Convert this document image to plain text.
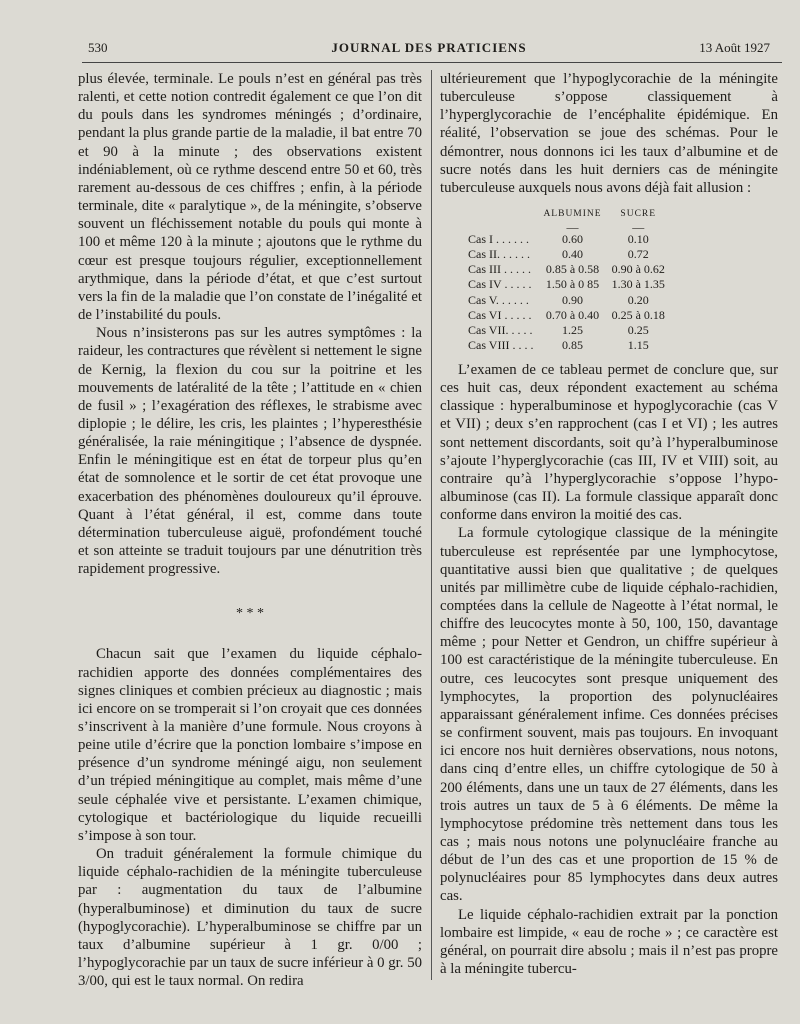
530	JOURNAL DES PRATICIENS	13 Août 1927

plus élevée, terminale. Le pouls n’est en général pas très ralenti, et cette notion contredit également ce que l’on dit du pouls dans les syndromes méningés ; d’ordinaire, pendant la plus grande partie de la maladie, il bat entre 70 et 90 à la minute ; des observations existent indéniablement, où ce rythme descend entre 50 et 60, très rarement au-dessous de ces chiffres ; enfin, à la période terminale, dite « paralytique », de la méningite, s’observe souvent un fléchissement notable du pouls qui monte à 100 et même 120 à la minute ; ajoutons que le rythme du cœur est presque toujours régulier, exceptionnellement arythmique, dans la période d’état, et que c’est surtout vers la fin de la maladie que l’on constate de l’inégalité et de l’instabilité du pouls.

Nous n’insisterons pas sur les autres symptômes : la raideur, les contractures que révèlent si nettement le signe de Kernig, la flexion du cou sur la poitrine et les mouvements de latéralité de la tête ; l’attitude en « chien de fusil » ; l’exagération des réflexes, le strabisme avec diplopie ; le délire, les cris, les plaintes ; l’hyperesthésie généralisée, la raie méningitique ; l’absence de dyspnée. Enfin le méningitique est en état de torpeur plus qu’en état de somnolence et le sortir de cet état provoque une exacerbation des phénomènes douloureux qu’il éprouve. Quant à l’état général, il est, comme dans toute détermination tuberculeuse aiguë, profondément touché et son atteinte se traduit toujours par une dénutrition très rapidement progressive.

* * *

Chacun sait que l’examen du liquide céphalo-rachidien apporte des données complémentaires des signes cliniques et combien précieux au diagnostic ; mais ici encore on se tromperait si l’on croyait que ces données s’inscrivent à la manière d’une formule. Nous croyons à peine utile d’écrire que la ponction lombaire s’impose en présence d’un syndrome méningé aigu, non seulement d’un trépied méningitique au complet, mais même d’une seule céphalée vive et persistante. L’examen chimique, cytologique et bactériologique du liquide recueilli s’impose à son tour.

On traduit généralement la formule chimique du liquide céphalo-rachidien de la méningite tuberculeuse par : augmentation du taux de l’albumine (hyperalbuminose) et diminution du taux de sucre (hypoglycorachie). L’hyperalbuminose se chiffre par un taux d’albumine supérieur à 1 gr. 0/00 ; l’hypoglycorachie par un taux de sucre inférieur à 0 gr. 50 3/00, qui est le taux normal. On redira

ultérieurement que l’hypoglycorachie de la méningite tuberculeuse s’oppose classiquement à l’hyperglycorachie de l’encéphalite épidémique. En réalité, l’observation se joue des schémas. Pour le démontrer, nous donnons ici les taux d’albumine et de sucre notés dans les huit derniers cas de méningite tuberculeuse auxquels nous avons déjà fait allusion :

	ALBUMINE	SUCRE
	—	—
Cas I . . . . . .	0.60	0.10
Cas II. . . . . .	0.40	0.72
Cas III . . . . .	0.85 à 0.58	0.90 à 0.62
Cas IV . . . . .	1.50 à 0 85	1.30 à 1.35
Cas V. . . . . .	0.90	0.20
Cas VI . . . . .	0.70 à 0.40	0.25 à 0.18
Cas VII. . . . .	1.25	0.25
Cas VIII . . . .	0.85	1.15

L’examen de ce tableau permet de conclure que, sur ces huit cas, deux répondent exactement au schéma classique : hyperalbuminose et hypoglycorachie (cas V et VII) ; deux s’en rapprochent (cas I et VI) ; les autres sont nettement discordants, soit qu’à l’hyperalbuminose s’ajoute l’hyperglycorachie (cas III, IV et VIII) soit, au contraire qu’à l’hyperglycorachie s’oppose l’hypo-albuminose (cas II). La formule classique apparaît donc conforme dans environ la moitié des cas.

La formule cytologique classique de la méningite tuberculeuse est représentée par une lymphocytose, quantitative aussi bien que qualitative ; de quelques unités par millimètre cube de liquide céphalo-rachidien, comptées dans la cellule de Nageotte à l’état normal, le chiffre des leucocytes monte à 50, 100, 150, davantage même ; pour Netter et Gendron, un chiffre supérieur à 100 est caractéristique de la méningite tuberculeuse. En outre, ces leucocytes sont presque uniquement des lymphocytes, la proportion des polynucléaires apparaissant généralement infime. Ces données précises se confirment souvent, mais pas toujours. En invoquant ici encore nos huit dernières observations, nous notons, dans cinq d’entre elles, un chiffre cytologique de 50 à 200 éléments, dans une un taux de 27 éléments, dans les trois autres un taux de 5 à 6 éléments. De même la lymphocytose prédomine très nettement dans tous les cas ; mais nous notons une polynucléaire franche au début de l’un des cas et une proportion de 15 % de polynucléaires pour 85 lymphocytes dans deux autres cas.

Le liquide céphalo-rachidien extrait par la ponction lombaire est limpide, « eau de roche » ; ce caractère est général, on pourrait dire absolu ; mais il n’est pas propre à la méningite tubercu-
